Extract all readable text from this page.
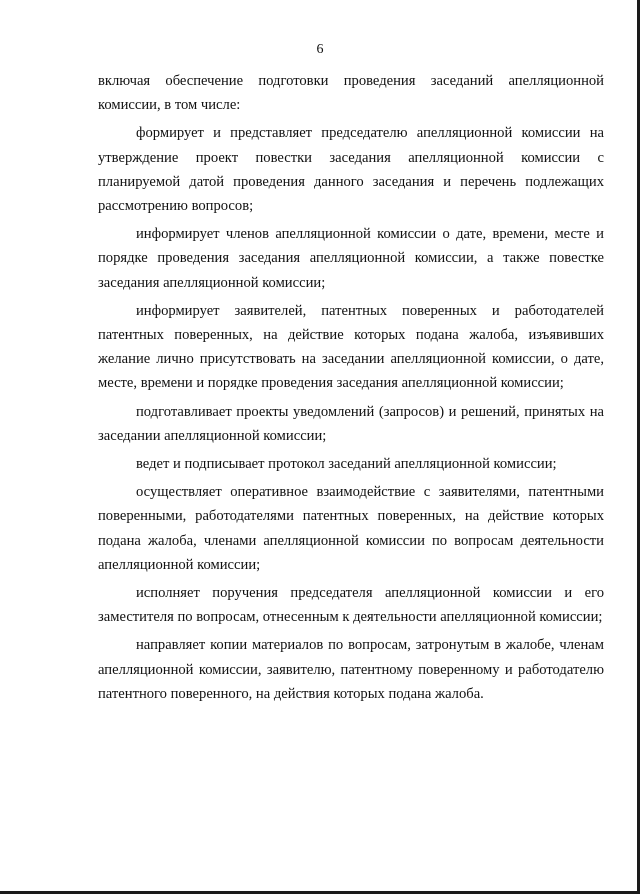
6

включая обеспечение подготовки проведения заседаний апелляционной комиссии, в том числе:

формирует и представляет председателю апелляционной комиссии на утверждение проект повестки заседания апелляционной комиссии с планируемой датой проведения данного заседания и перечень подлежащих рассмотрению вопросов;

информирует членов апелляционной комиссии о дате, времени, месте и порядке проведения заседания апелляционной комиссии, а также повестке заседания апелляционной комиссии;

информирует заявителей, патентных поверенных и работодателей патентных поверенных, на действие которых подана жалоба, изъявивших желание лично присутствовать на заседании апелляционной комиссии, о дате, месте, времени и порядке проведения заседания апелляционной комиссии;

подготавливает проекты уведомлений (запросов) и решений, принятых на заседании апелляционной комиссии;

ведет и подписывает протокол заседаний апелляционной комиссии;

осуществляет оперативное взаимодействие с заявителями, патентными поверенными, работодателями патентных поверенных, на действие которых подана жалоба, членами апелляционной комиссии по вопросам деятельности апелляционной комиссии;

исполняет поручения председателя апелляционной комиссии и его заместителя по вопросам, отнесенным к деятельности апелляционной комиссии;

направляет копии материалов по вопросам, затронутым в жалобе, членам апелляционной комиссии, заявителю, патентному поверенному и работодателю патентного поверенного, на действия которых подана жалоба.
